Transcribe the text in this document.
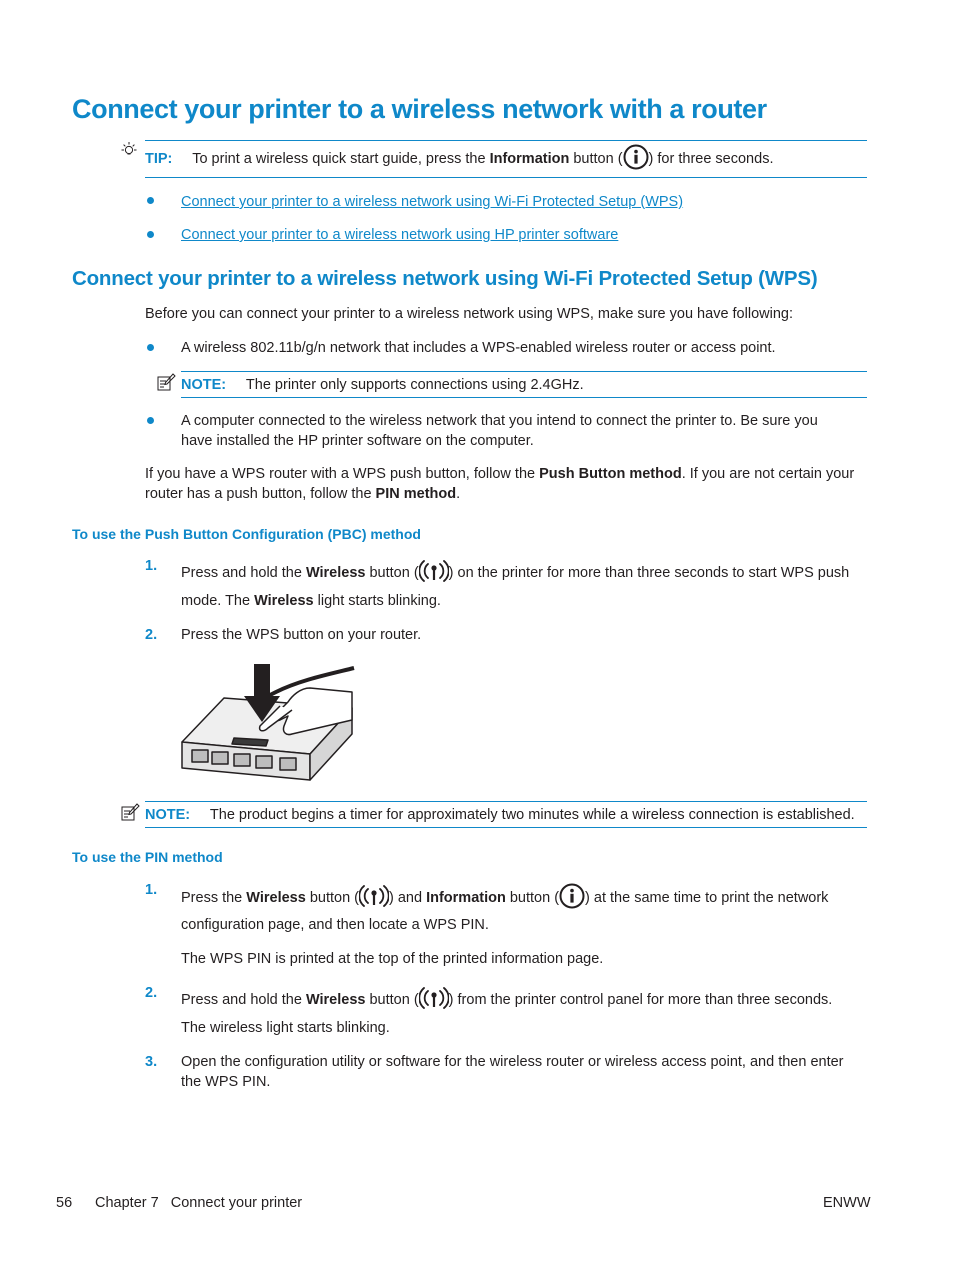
Connect your printer to a wireless network with a router
TIP: To print a wireless quick start guide, press the Information button ( ) for three seconds.
Connect your printer to a wireless network using Wi-Fi Protected Setup (WPS)
Connect your printer to a wireless network using HP printer software
Connect your printer to a wireless network using Wi-Fi Protected Setup (WPS)
Before you can connect your printer to a wireless network using WPS, make sure you have following:
A wireless 802.11b/g/n network that includes a WPS-enabled wireless router or access point.
NOTE: The printer only supports connections using 2.4GHz.
A computer connected to the wireless network that you intend to connect the printer to. Be sure you
have installed the HP printer software on the computer.
If you have a WPS router with a WPS push button, follow the Push Button method. If you are not certain your
router has a push button, follow the PIN method.
To use the Push Button Configuration (PBC) method
1. Press and hold the Wireless button ( ) on the printer for more than three seconds to start WPS push
mode. The Wireless light starts blinking.
2. Press the WPS button on your router.
NOTE: The product begins a timer for approximately two minutes while a wireless connection is established.
To use the PIN method
1. Press the Wireless button ( ) and Information button ( ) at the same time to print the network
configuration page, and then locate a WPS PIN.
The WPS PIN is printed at the top of the printed information page.
2. Press and hold the Wireless button ( ) from the printer control panel for more than three seconds.
The wireless light starts blinking.
3. Open the configuration utility or software for the wireless router or wireless access point, and then enter
the WPS PIN.
56 Chapter 7   Connect your printer	ENWW
